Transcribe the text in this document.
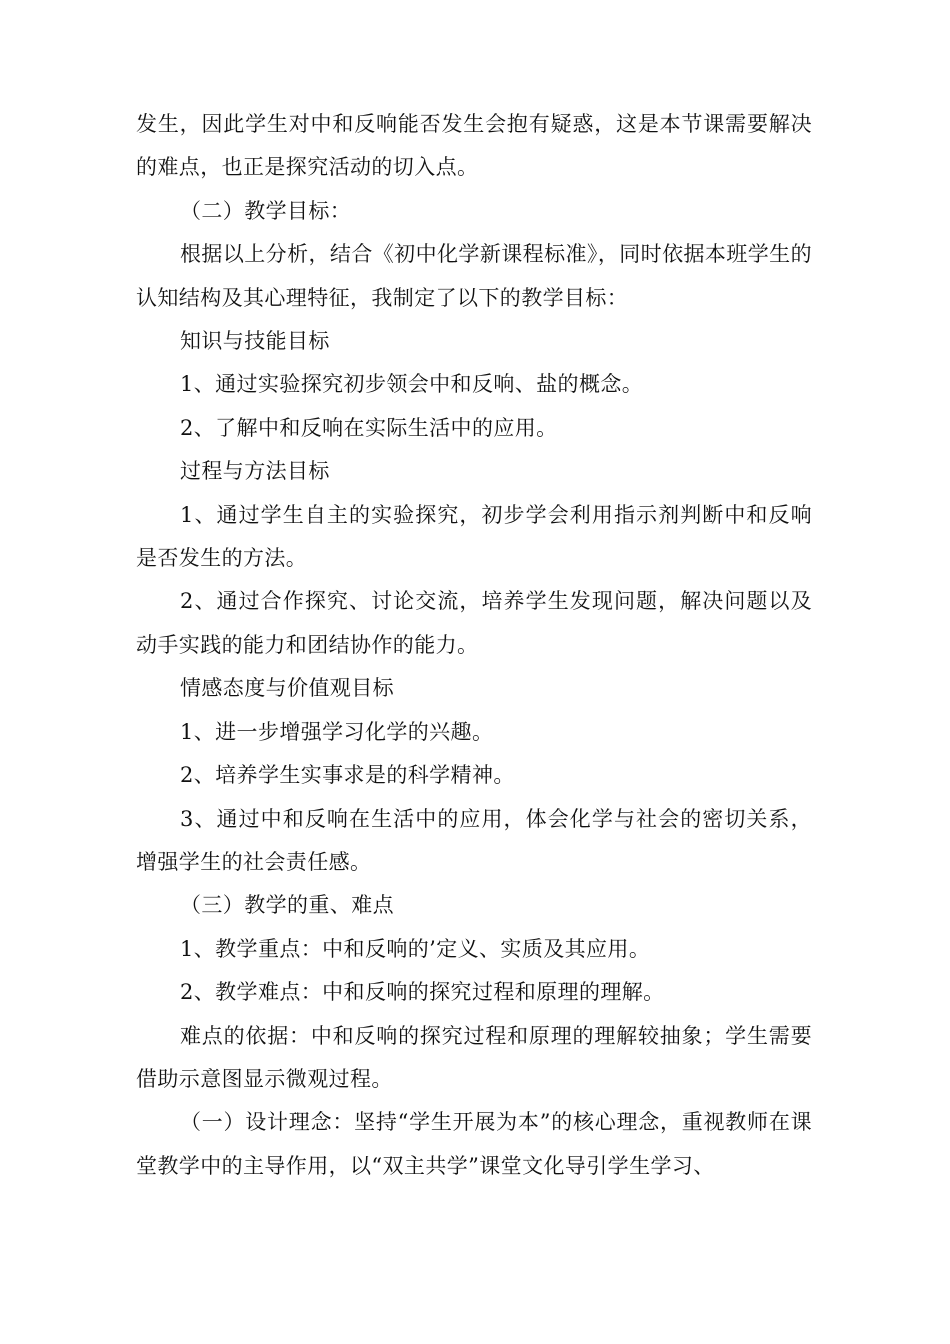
发生，因此学生对中和反响能否发生会抱有疑惑，这是本节课需要解决的难点，也正是探究活动的切入点。

（二）教学目标：

根据以上分析，结合《初中化学新课程标准》，同时依据本班学生的认知结构及其心理特征，我制定了以下的教学目标：

知识与技能目标

1、通过实验探究初步领会中和反响、盐的概念。

2、了解中和反响在实际生活中的应用。

过程与方法目标

1、通过学生自主的实验探究，初步学会利用指示剂判断中和反响是否发生的方法。

2、通过合作探究、讨论交流，培养学生发现问题，解决问题以及动手实践的能力和团结协作的能力。

情感态度与价值观目标

1、进一步增强学习化学的兴趣。

2、培养学生实事求是的科学精神。

3、通过中和反响在生活中的应用，体会化学与社会的密切关系，增强学生的社会责任感。

（三）教学的重、难点

1、教学重点：中和反响的’定义、实质及其应用。

2、教学难点：中和反响的探究过程和原理的理解。

难点的依据：中和反响的探究过程和原理的理解较抽象；学生需要借助示意图显示微观过程。

（一）设计理念：坚持“学生开展为本”的核心理念，重视教师在课堂教学中的主导作用，以“双主共学”课堂文化导引学生学习、
